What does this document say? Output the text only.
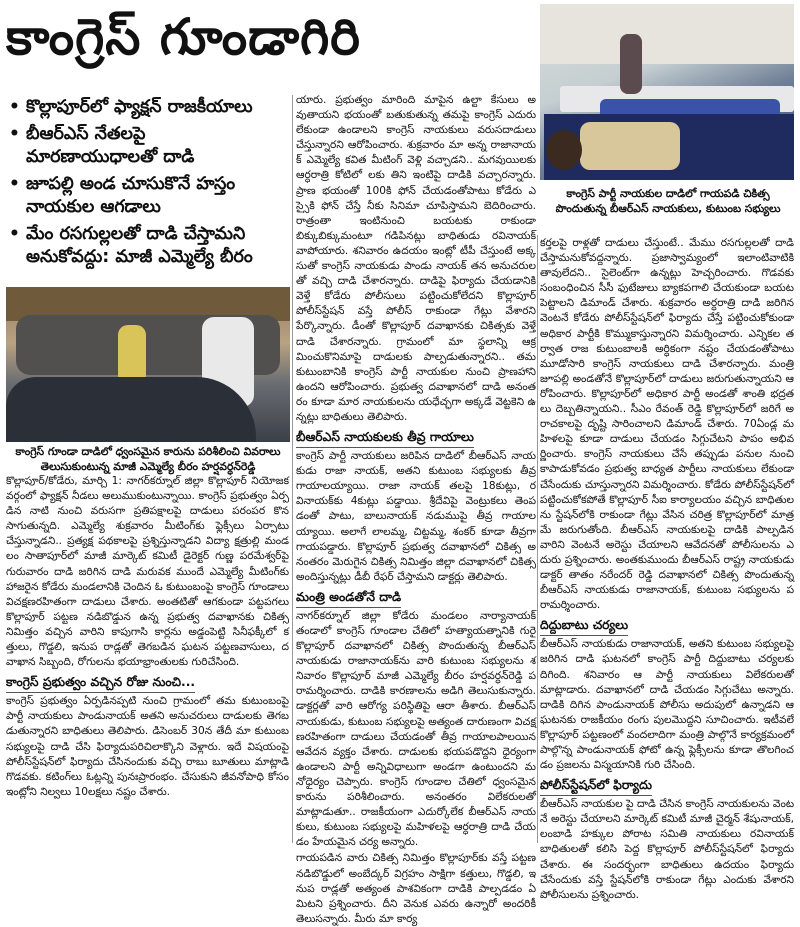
కాంగ్రెస్ గూండాగిరి
• కొల్లాపూర్‌లో ఫ్యాక్షన్ రాజకీయాలు
• బీఆర్ఎస్ నేతలపై మారణాయుధాలతో దాడి
• జూపల్లి అండ చూసుకొనే హస్తం నాయకుల ఆగడాలు
• మేం రసగుల్లలతో దాడి చేస్తామని అనుకోవద్దు: మాజీ ఎమ్మెల్యే బీరం
కాంగ్రెస్ పార్టీ నాయకుల దాడిలో గాయపడి చికిత్స పొందుతున్న బీఆర్ఎస్ నాయకులు, కుటుంబ సభ్యులు
కాంగ్రెస్ గూండా దాడిలో ధ్వంసమైన కారును పరిశీలించి వివరాలు తెలుసుకుంటున్న మాజీ ఎమ్మెల్యే బీరం హర్షవర్ధన్‌రెడ్డి

కొల్లాపూర్/కోడేరు, మార్చి 1: నాగర్‌కర్నూల్ జిల్లా కొల్లాపూర్ నియోజకవర్గంలో ఫ్యాక్షన్ నీడలు అలుముకుంటున్నాయి. కాంగ్రెస్ ప్రభుత్వం ఏర్పడిన నాటి నుంచి వరుసగా ప్రతిపక్షాలపై దాడులు పరంపర కొనసాగుతున్నది. ఎమ్మెల్యే శుక్రవారం మీటింగ్‌కు ఫ్లెక్సీలు ఏర్పాటు చేస్తున్నాడని.. ప్రత్యక్ష పథకాలపై ప్రశ్నిస్తున్నాడని విద్యా క్షత్రుల్లి మండలం సాతాపూర్‌లో మాజీ మార్కెట్ కమిటీ డైరెక్టర్ గుణ్ణ పరమేశ్వర్‌పై గురువారం దాడి జరిగిన దాడి మరువక ముందే ఎమ్మెల్యే మీటింగ్‌కు హాజరైన కోడేరు మండలానికి చెందిన ఓ కుటుంబంపై కాంగ్రెస్ గూండాలు విచక్షణరహితంగా దాడులు చేశారు. అంతటితో ఆగకుండా పట్టపగలు కొల్లాపూర్ పట్టణ నడిబొడ్డున ఉన్న ప్రభుత్వ దవాఖానకు చికిత్స నిమిత్తం వచ్చిన వారిని కాపుగాసి కార్లను అడ్డంపెట్టి సినీఫక్కీలో కత్తులు, గొడ్డలి, ఇనుప రాడ్లతో తెగబడిన ఘటన పట్టణవాసులు, దవాఖాన సిబ్బంది, రోగులను భయాభ్రాంతులకు గురిచేసింది.

కాంగ్రెస్ ప్రభుత్వం వచ్చిన రోజు నుంచి...

కాంగ్రెస్ ప్రభుత్వం ఏర్పడినప్పటి నుంచి గ్రామంలో తమ కుటుంబంపై పార్టీ నాయకులు పాండునాయక్ అతని అనుచరులు దాడులకు తెగబడుతున్నారని బాధితులు తెలిపారు. డిసెంబర్ 30న తేదీ మా కుటుంబ సభ్యులపై దాడి చేసి ఫిర్యాదుపరిచిలాక్కొని వెళ్లారు. ఇదే విషయంపై పోలీస్‌స్టేషన్‌లో ఫిర్యాదు చేసినందుకు వచ్చి రాబు బూతులు మాట్లాడి గొడవకు. కటింగ్‌లు ఓట్లన్ని పునఃప్రారంభం. చేసుకుని జీవనోపాధి కోసం ఇంట్లోని నిల్వలు 10లక్షలు నష్టం చేశారు.

యారు. ప్రభుత్వం మారింది మాపైన ఉల్టా కేసులు అవుతాయని భయంతో బతుకుతున్న తమపై కాంగ్రెస్ ఎదురు లేకుండా ఉండాలని కాంగ్రెస్ నాయకులు వరుసదాడులు చేస్తున్నారని ఆరోపించారు. శుక్రవారం మా అన్న రాజానాయక్ ఎమ్మెల్యే కవిత మీటింగ్ వెళ్లి వచ్చాడని.. మగవుయిలకు ఆర్ధరాత్రి కోటిలో లకు తిని ఇంటిపై దాడికి వచ్చారన్నారు. ప్రాణ భయంతో 100కి ఫోన్ చేయడంతోపాటు కోడేరు ఎస్సైకి ఫోన్ చేస్తే నీకు సినిమా చూపిస్తామని బెదిరించారు. రాత్రంతా ఇంటినుంచి బయటకు రాకుండా బిక్కుబిక్కుమంటూ గడిపినట్లు బాధితుడు రవినాయక్ వాపోయారు. శనివారం ఉదయం ఇంట్లో టీపీ చేస్తుంటే అక్కసుతో కాంగ్రెస్ నాయకుడు పాండు నాయక్ తన అనుచరులతో వచ్చి దాడి చేశారన్నారు. దాడిపై ఫిర్యాదు చేయడానికి వెళ్తే కోడేరు పోలీసులు పట్టించుకోలేదని కొల్లాపూర్ పోలీస్‌స్టేషన్ వస్తే పోలీస్ రాకుండా గేట్లు వేశారని పేర్కొన్నారు. డీంతో కొల్లాపూర్ దవాఖానకు చికిత్సకు వెళ్తే దాడి చేశారన్నారు. గ్రామంలో మా స్థలాన్ని ఆక్రమించుకొనిమాపై దాడులకు పాల్పడుతున్నారని.. తమ కుటుంబానికి కాంగ్రెస్ పార్టీ నాయకుల నుంచి ప్రాణహాని ఉందని ఆరోపించారు. ప్రభుత్వ దవాఖానలో దాడి అనంతరం కూడా మార నాయకులను యధేచ్ఛగా అక్కడే వెట్టకెని ఉన్నట్లు బాధితులు తెలిపారు.

బీఆర్ఎస్ నాయకులకు తీవ్ర గాయాలు

కాంగ్రెస్ పార్టీ నాయకులు జరిపిన దాడిలో బీఆర్ఎస్ నాయకుడు రాజా నాయక్, అతని కుటుంబ సభ్యులకు తీవ్ర గాయాలయ్యాయి. రాజా నాయక్ తలపై 18కుట్లు, రవినాయక్‌కు 4కుట్లు పడ్డాయి. శ్రీదేవిపై వెంట్రుకలు తెంపడంతో పాటు, బాలునాయక్ నడుముపై తీవ్ర గాయాలయ్యాయి. అలాగే లాలమ్మ, చిట్టమ్మ, శంకర్ కూడా తీవ్రగా గాయపడ్డారు. కొల్లాపూర్ ప్రభుత్వ దవాఖానలో చికిత్స అనంతరం మెరుగైన చికిత్స నిమిత్తం జిల్లా దవాఖానలో చికిత్స అందిస్తున్నట్లు డీబీ రేఫర్ చేస్తామని డాక్టర్లు తెలిపారు.

మంత్రి అండతోనే దాడి

నాగర్‌కర్నూల్ జిల్లా కోడేరు మండలం నార్యానాయక్ తండాలో కాంగ్రెస్ గూండాల చేతిలో హత్యాయత్నానికి గురై కొల్లాపూర్ దవాఖానలో చికిత్స పొందుతున్న బీఆర్ఎస్ నాయకుడు రాజానాయక్‌ను వారి కుటుంబ సభ్యులను శనివారం కొల్లాపూర్ మాజీ ఎమ్మెల్యే బీరం హర్షవర్ధన్‌రెడ్డి పరామర్శించారు. దాడికి కారణాలను అడిగి తెలుసుకున్నారు. డాక్టర్లతో వారి ఆరోగ్య పరిస్థితిపై ఆరా తీశారు. బీఆర్ఎస్ నాయకుడు, కుటుంబ సభ్యులపై అత్యంత దారుణంగా విచక్షణరహితంగా దాడులు చేయడంతో తీవ్ర గాయాలపాలయిన ఆవేదన వ్యక్తం చేశారు. దాడులకు భయపడొద్దని ధైర్యంగా ఉండాలని పార్టీ అన్నివిధాలుగా అండగా ఉంటుందని మనోధైర్యం చెప్పారు. కాంగ్రెస్ గూండాల చేతిలో ధ్వంసమైన కారును పరిశీలించారు. అనంతరం విలేకరులతో మాట్లాడుతూ.. రాజకీయంగా ఎదుర్కోలేక బీఆర్ఎస్ నాయకులు, కుటుంబ సభ్యులపై మహిళలపై ఆర్ధరాత్రి దాడి చేయడం హేయమైన చర్య అన్నారు.

గాయపడిన వారు చికిత్స నిమిత్తం కొల్లాపూర్‌కు వస్తే పట్టణ నడిబొడ్డులో అంబేద్కర్ విగ్రహం సాక్షిగా కత్తులు, గొడ్డలి, ఇనుప రాడ్లతో అత్యంత పాశవికంగా దాడికి పాల్పడడం ఏమిటని ప్రశ్నించారు. దీని వెనుక ఎవరు ఉన్నారో అందరికీ తెలుసన్నారు. మీరు మా కార్య

కర్తలపై రాళ్లతో దాడులు చేస్తుంటే.. మేము రసగుల్లలతో దాడి చేస్తామనుకోవద్దన్నారు. ప్రజాస్వామ్యంలో ఇలాంటివాటికి తావులేదని.. సైలెంట్‌గా ఉన్నట్లు హెచ్చరించారు. గొడవకు సంబంధించిన సీసీ ఫుటేజులు బ్యాకపగాలి చేయకుండా బయటపెట్టాలని డిమాండ్ చేశారు. శుక్రవారం అర్ధరాత్రి దాడి జరిగిన వెంటనే కోడేరు పోలీస్‌స్టేషన్‌లో ఫిర్యాదు చేస్తే పట్టించుకోకుండా అధికార పార్టీకి కొమ్ముకాస్తున్నారని విమర్శించారు. ఎన్నికల తర్వాత రాజ కుటుంబాలకి అర్ధికంగా నష్టం చేయడంతోపాటు మూడోసారి కాంగ్రెస్ నాయకులు దాడి చేశారన్నారు. మంత్రి జూపల్లి అండతోనే కొల్లాపూర్‌లో దాడులు జరుగుతున్నాయని ఆరోపించారు. కొల్లాపూర్‌లో అధికార పార్టీ అండతో శాంతి భద్రతలు దెబ్బతిన్నాయని.. సీఎం రేవంత్ రెడ్డి కొల్లాపూర్‌లో జరిగే అరాచకాలపై దృష్టి సారించాలని డిమాండ్ చేశారు. 70ఏండ్ల మహిళలపై కూడా దాడులు చేయడం సిగ్గుచేటని పాపం అభివర్ణించారు. కాంగ్రెస్ నాయకులు చేసే తప్పుడు పనుల నుంచి కాపాడుకోవడం ప్రభుత్వ బాధ్యత పార్టీలు నాయకులు లేకుండా చేసేందుకు చూస్తున్నారని విమర్శించారు. కోడేరు పోలీస్‌స్టేషన్‌లో పట్టించుకోకపోతే కొల్లాపూర్ సీఐ కార్యాలయం వచ్చిన బాధితులను స్టేషన్‌లోకి రాకుండా గేట్లు వేసిన చరిత్ర కొల్లాపూర్‌లో మాత్రమే జరుగుతోంది. బీఆర్ఎస్ నాయకులపై దాడికి పాల్పడిన వారిని వెంటనే అరెస్టు చేయాలని ఆవేదనతో పోలీసులను ఎదురు ప్రశ్నించారు. అంతకుముందు బీఆర్ఎస్ రాష్ట్ర నాయకుడు డాక్టర్ తాతం నరేందర్ రెడ్డి దవాఖానలో చికిత్స పొందుతున్న బీఆర్ఎస్ నాయకుడు రాజానాయక్, కుటుంబ సభ్యులను పరామర్శించారు.

దిద్దుబాటు చర్యలు

బీఆర్ఎస్ నాయకుడు రాజానాయక్, అతని కుటుంబ సభ్యులపై జరిగిన దాడి ఘటనలో కాంగ్రెస్ పార్టీ దిద్దుబాటు చర్యలకు దిగింది. శనివారం ఆ పార్టీ నాయకులు విలేకరులతో మాట్లాడారు. దవాఖానలో దాడి చేయడం సిగ్గుచేటు అన్నారు. దాడికి దిగిన పాండునాయక్ పోలీసు అదుపులో ఉన్నాడని ఆ ఘటనకు రాజకీయం రంగు పులమొద్దని సూచించారు. ఇటీవలే కొల్లాపూర్ పట్టణంలో వందలాదిగా మంత్రి పాల్గొనే కార్యక్రమంలో పాల్గొన్న పాండునాయక్ ఫోటో ఉన్న ఫ్లెక్సీలను కూడా తొలగించడం ప్రజలను విస్మయానికి గురి చేసింది.

పోలీస్‌స్టేషన్‌లో ఫిర్యాదు

బీఆర్ఎస్ నాయకుల పై దాడి చేసిన కాంగ్రెస్ నాయకులను వెంటనే అరెస్టు చేయాలని మార్కెట్ కమిటీ మాజీ చైర్మన్ శేషునాయక్, లంబాడి హక్కుల పోరాట సమితి నాయకులు రవినాయక్ బాధితులతో కలిసి పెద్ద కొల్లాపూర్ పోలీస్‌స్టేషన్‌లో ఫిర్యాదు చేశారు. ఈ సందర్భంగా బాధితులు ఉదయం ఫిర్యాదు చేసేందుకు వస్తే స్టేషన్‌లోకి రాకుండా గేట్లు ఎందుకు వేశారని పోలీసులను ప్రశ్నించారు.
